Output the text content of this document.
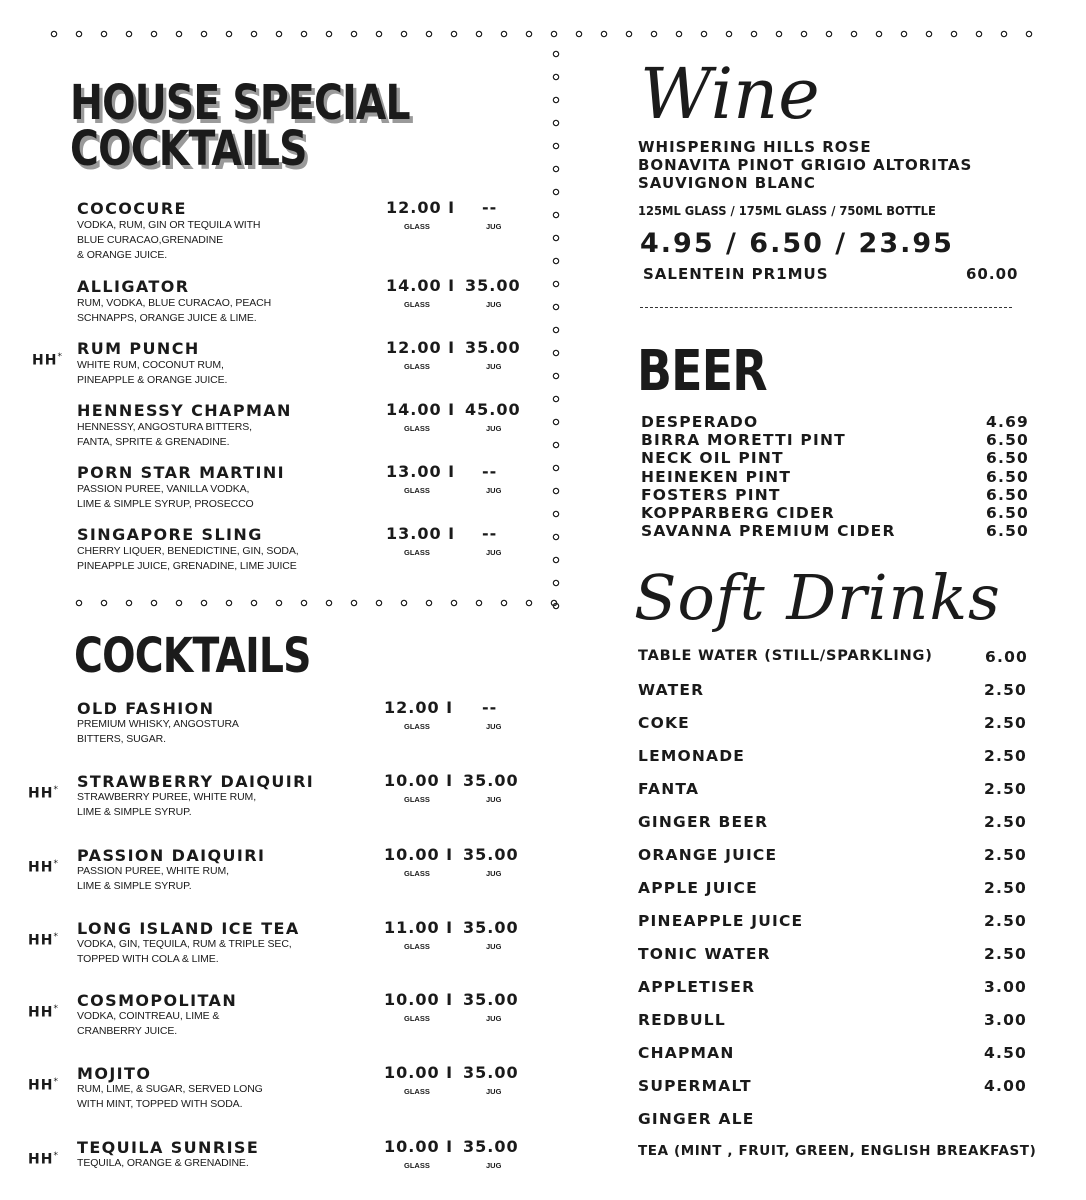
HOUSE SPECIAL
COCKTAILS
COCOCURE
VODKA, RUM, GIN OR TEQUILA WITH
BLUE CURACAO,GRENADINE
& ORANGE JUICE.
12.00 I --
GLASS	JUG
ALLIGATOR
RUM, VODKA, BLUE CURACAO, PEACH
SCHNAPPS, ORANGE JUICE & LIME.
14.00 I 35.00
GLASS	JUG
RUM PUNCH
WHITE RUM, COCONUT RUM,
PINEAPPLE & ORANGE JUICE.
12.00 I 35.00
GLASS	JUG
HH*
HENNESSY CHAPMAN
HENNESSY, ANGOSTURA BITTERS,
FANTA, SPRITE & GRENADINE.
14.00 I 45.00
GLASS	JUG
PORN STAR MARTINI
PASSION PUREE, VANILLA VODKA,
LIME & SIMPLE SYRUP, PROSECCO
13.00 I --
GLASS	JUG
SINGAPORE SLING
CHERRY LIQUER, BENEDICTINE, GIN, SODA,
PINEAPPLE JUICE, GRENADINE, LIME JUICE
13.00 I --
GLASS	JUG
COCKTAILS
OLD FASHION
PREMIUM WHISKY, ANGOSTURA
BITTERS, SUGAR.
12.00 I --
GLASS	JUG
STRAWBERRY DAIQUIRI
STRAWBERRY PUREE, WHITE RUM,
LIME & SIMPLE SYRUP.
10.00 I 35.00
GLASS	JUG
HH*
PASSION DAIQUIRI
PASSION PUREE, WHITE RUM,
LIME & SIMPLE SYRUP.
10.00 I 35.00
GLASS	JUG
HH*
LONG ISLAND ICE TEA
VODKA, GIN, TEQUILA, RUM & TRIPLE SEC,
TOPPED WITH COLA & LIME.
11.00 I 35.00
GLASS	JUG
HH*
COSMOPOLITAN
VODKA, COINTREAU, LIME &
CRANBERRY JUICE.
10.00 I 35.00
GLASS	JUG
HH*
MOJITO
RUM, LIME, & SUGAR, SERVED LONG
WITH MINT, TOPPED WITH SODA.
10.00 I 35.00
GLASS	JUG
HH*
TEQUILA SUNRISE
TEQUILA, ORANGE & GRENADINE.
10.00 I 35.00
GLASS	JUG
HH*
Wine
WHISPERING HILLS ROSE
BONAVITA PINOT GRIGIO ALTORITAS
SAUVIGNON BLANC
125ML GLASS / 175ML GLASS / 750ML BOTTLE
4.95 / 6.50 / 23.95
SALENTEIN PR1MUS	60.00
BEER
DESPERADO	4.69
BIRRA MORETTI PINT	6.50
NECK OIL PINT	6.50
HEINEKEN PINT	6.50
FOSTERS PINT	6.50
KOPPARBERG CIDER	6.50
SAVANNA PREMIUM CIDER	6.50
Soft Drinks
TABLE WATER (STILL/SPARKLING)	6.00
WATER	2.50
COKE	2.50
LEMONADE	2.50
FANTA	2.50
GINGER BEER	2.50
ORANGE JUICE	2.50
APPLE JUICE	2.50
PINEAPPLE JUICE	2.50
TONIC WATER	2.50
APPLETISER	3.00
REDBULL	3.00
CHAPMAN	4.50
SUPERMALT	4.00
GINGER ALE
TEA (MINT , FRUIT, GREEN, ENGLISH BREAKFAST)
